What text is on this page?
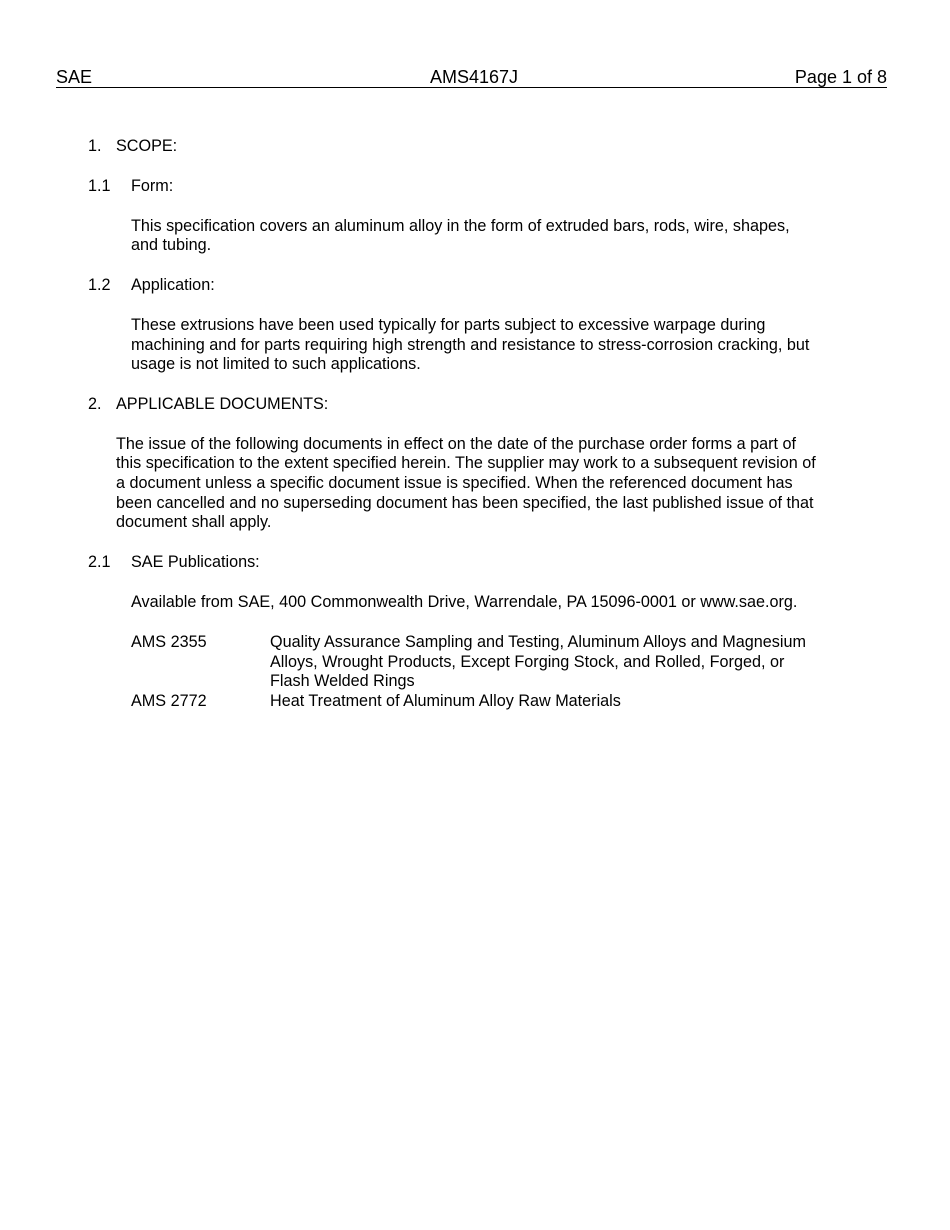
SAE	AMS4167J	Page 1 of 8
1. SCOPE:
1.1 Form:
This specification covers an aluminum alloy in the form of extruded bars, rods, wire, shapes,
and tubing.
1.2 Application:
These extrusions have been used typically for parts subject to excessive warpage during
machining and for parts requiring high strength and resistance to stress-corrosion cracking, but
usage is not limited to such applications.
2. APPLICABLE DOCUMENTS:
The issue of the following documents in effect on the date of the purchase order forms a part of
this specification to the extent specified herein. The supplier may work to a subsequent revision of
a document unless a specific document issue is specified. When the referenced document has
been cancelled and no superseding document has been specified, the last published issue of that
document shall apply.
2.1 SAE Publications:
Available from SAE, 400 Commonwealth Drive, Warrendale, PA 15096-0001 or www.sae.org.
AMS 2355	Quality Assurance Sampling and Testing, Aluminum Alloys and Magnesium
Alloys, Wrought Products, Except Forging Stock, and Rolled, Forged, or
Flash Welded Rings
AMS 2772	Heat Treatment of Aluminum Alloy Raw Materials
